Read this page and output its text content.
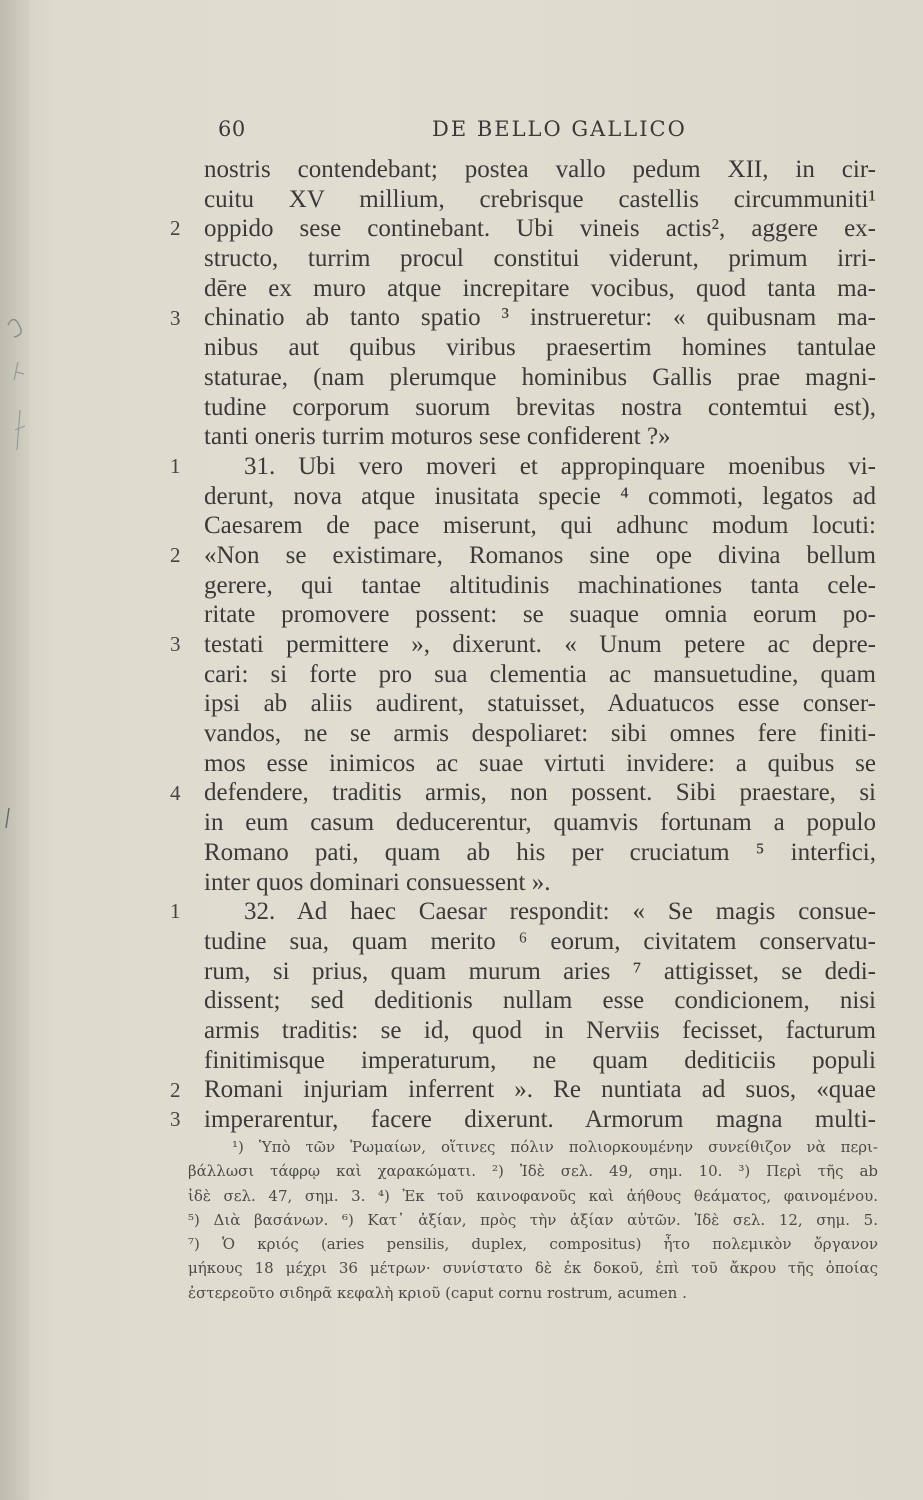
60	DE BELLO GALLICO
nostris contendebant; postea vallo pedum XII, in cir-
cuitu XV millium, crebrisque castellis circummuniti¹
oppido sese continebant. Ubi vineis actis², aggere ex-
structo, turrim procul constitui viderunt, primum irri-
dēre ex muro atque increpitare vocibus, quod tanta ma-
chinatio ab tanto spatio ³ instrueretur: « quibusnam ma-
nibus aut quibus viribus praesertim homines tantulae
staturae, (nam plerumque hominibus Gallis prae magni-
tudine corporum suorum brevitas nostra contemtui est),
tanti oneris turrim moturos sese confiderent ?»
31. Ubi vero moveri et appropinquare moenibus vi-
derunt, nova atque inusitata specie ⁴ commoti, legatos ad
Caesarem de pace miserunt, qui adhunc modum locuti:
«Non se existimare, Romanos sine ope divina bellum
gerere, qui tantae altitudinis machinationes tanta cele-
ritate promovere possent: se suaque omnia eorum po-
testati permittere », dixerunt. « Unum petere ac depre-
cari: si forte pro sua clementia ac mansuetudine, quam
ipsi ab aliis audirent, statuisset, Aduatucos esse conser-
vandos, ne se armis despoliaret: sibi omnes fere finiti-
mos esse inimicos ac suae virtuti invidere: a quibus se
defendere, traditis armis, non possent. Sibi praestare, si
in eum casum deducerentur, quamvis fortunam a populo
Romano pati, quam ab his per cruciatum ⁵ interfici,
inter quos dominari consuessent ».
32. Ad haec Caesar respondit: « Se magis consue-
tudine sua, quam merito ⁶ eorum, civitatem conservatu-
rum, si prius, quam murum aries ⁷ attigisset, se dedi-
dissent; sed deditionis nullam esse condicionem, nisi
armis traditis: se id, quod in Nerviis fecisset, facturum
finitimisque imperaturum, ne quam dediticiis populi
Romani injuriam inferrent ». Re nuntiata ad suos, «quae
imperarentur, facere dixerunt. Armorum magna multi-
2
3
1
2
3
4
1
2
3
¹) Ὑπὸ τῶν Ῥωμαίων, οἵτινες πόλιν πολιορκουμένην συνείθιζον νὰ περι-
βάλλωσι τάφρῳ καὶ χαρακώματι. ²) Ἰδὲ σελ. 49, σημ. 10. ³) Περὶ τῆς ab
ἰδὲ σελ. 47, σημ. 3. ⁴) Ἐκ τοῦ καινοφανοῦς καὶ ἀήθους θεάματος, φαινομένου.
⁵) Διὰ βασάνων. ⁶) Κατ᾽ ἀξίαν, πρὸς τὴν ἀξίαν αὐτῶν. Ἰδὲ σελ. 12, σημ. 5.
⁷) Ὁ κριός (aries pensilis, duplex, compositus) ἦτο πολεμικὸν ὄργανον
μήκους 18 μέχρι 36 μέτρων· συνίστατο δὲ ἐκ δοκοῦ, ἐπὶ τοῦ ἄκρου τῆς ὁποίας
ἐστερεοῦτο σιδηρᾶ κεφαλὴ κριοῦ (caput cornu rostrum, acumen .
